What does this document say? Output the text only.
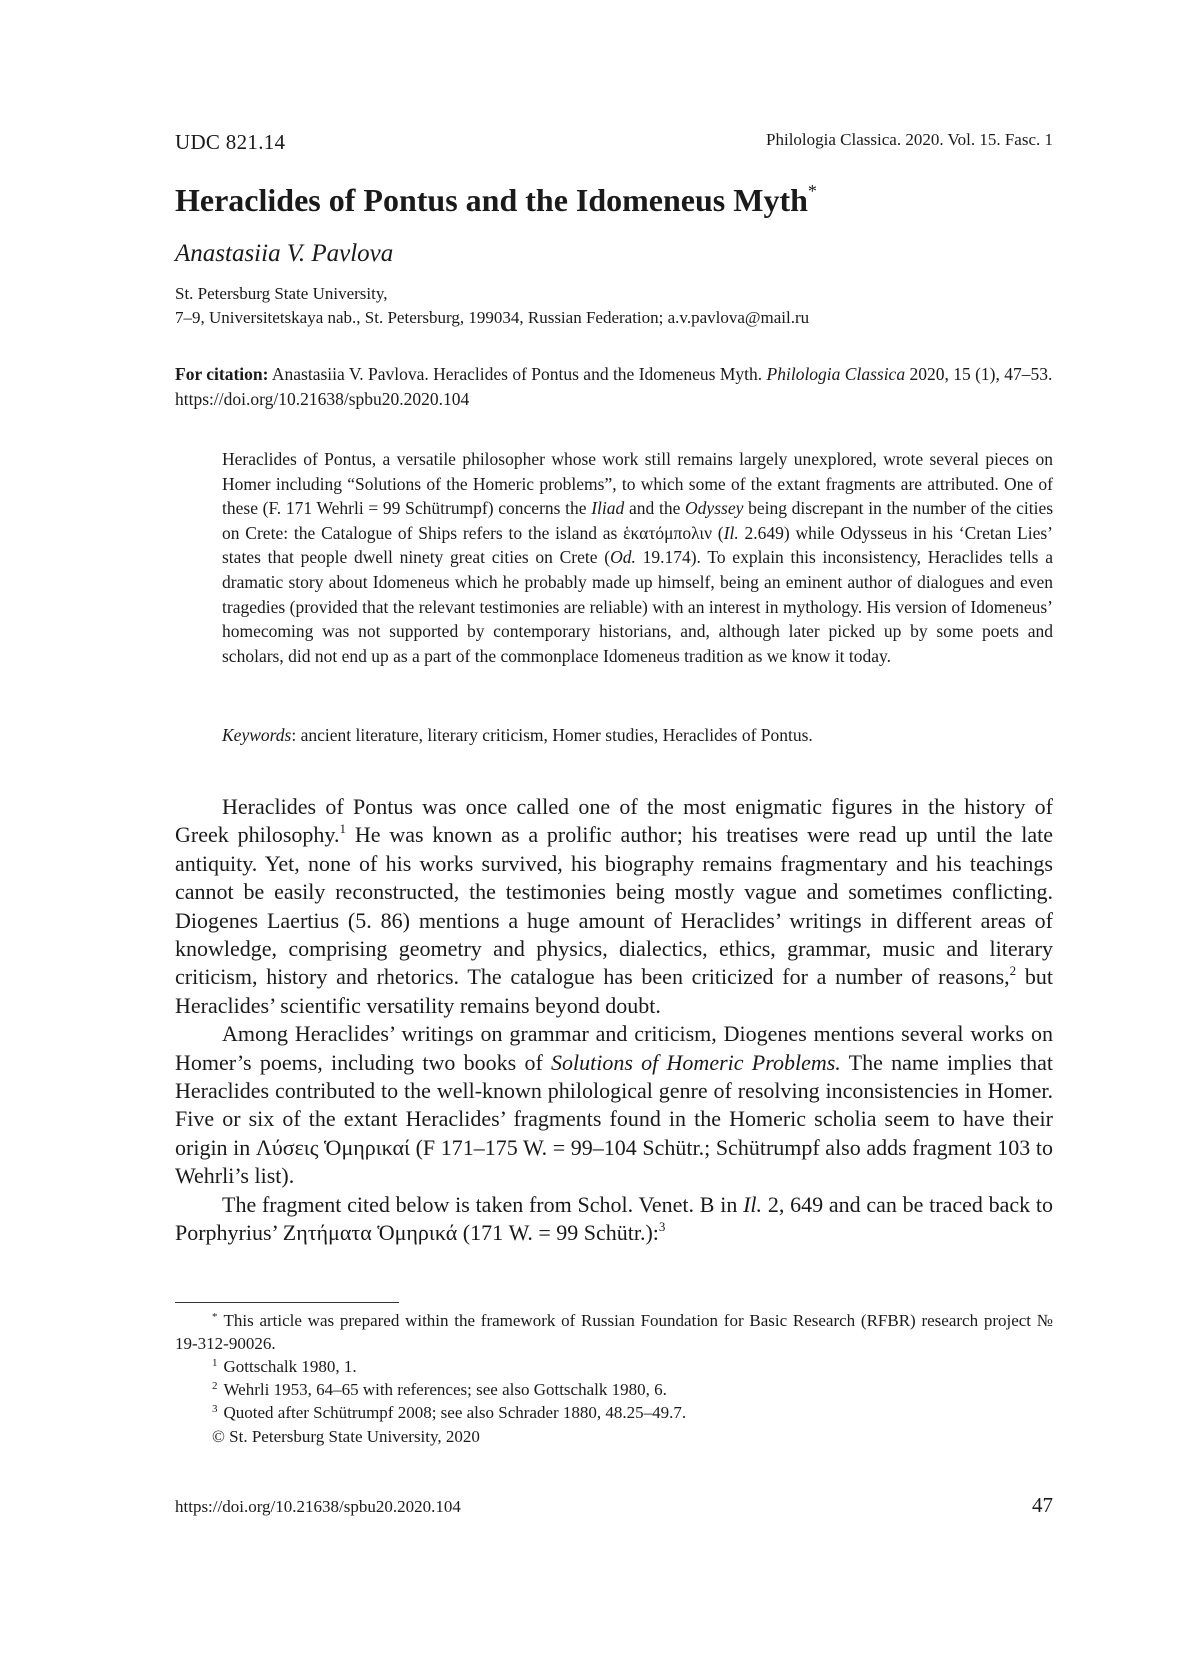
UDC 821.14	Philologia Classica. 2020. Vol. 15. Fasc. 1
Heraclides of Pontus and the Idomeneus Myth*
Anastasiia V. Pavlova
St. Petersburg State University,
7–9, Universitetskaya nab., St. Petersburg, 199034, Russian Federation; a.v.pavlova@mail.ru
For citation: Anastasiia V. Pavlova. Heraclides of Pontus and the Idomeneus Myth. Philologia Classica 2020, 15 (1), 47–53. https://doi.org/10.21638/spbu20.2020.104
Heraclides of Pontus, a versatile philosopher whose work still remains largely unexplored, wrote several pieces on Homer including “Solutions of the Homeric problems”, to which some of the extant fragments are attributed. One of these (F. 171 Wehrli = 99 Schütrumpf) concerns the Iliad and the Odyssey being discrepant in the number of the cities on Crete: the Catalogue of Ships refers to the island as ἑκατόμπολιν (Il. 2.649) while Odysseus in his ‘Cretan Lies’ states that people dwell ninety great cities on Crete (Od. 19.174). To explain this inconsistency, Heraclides tells a dramatic story about Idomeneus which he probably made up himself, being an eminent author of dialogues and even tragedies (provided that the relevant testimonies are reliable) with an interest in mythology. His version of Idomeneus’ homecoming was not supported by contemporary historians, and, although later picked up by some poets and scholars, did not end up as a part of the commonplace Idomeneus tradition as we know it today.
Keywords: ancient literature, literary criticism, Homer studies, Heraclides of Pontus.

Heraclides of Pontus was once called one of the most enigmatic figures in the history of Greek philosophy.$^1$ He was known as a prolific author; his treatises were read up until the late antiquity. Yet, none of his works survived, his biography remains fragmentary and his teachings cannot be easily reconstructed, the testimonies being mostly vague and sometimes conflicting. Diogenes Laertius (5. 86) mentions a huge amount of Heraclides’ writings in different areas of knowledge, comprising geometry and physics, dialectics, ethics, grammar, music and literary criticism, history and rhetorics. The catalogue has been criticized for a number of reasons,$^2$ but Heraclides’ scientific versatility remains beyond doubt.

Among Heraclides’ writings on grammar and criticism, Diogenes mentions several works on Homer’s poems, including two books of Solutions of Homeric Problems. The name implies that Heraclides contributed to the well-known philological genre of resolving inconsistencies in Homer. Five or six of the extant Heraclides’ fragments found in the Homeric scholia seem to have their origin in Λύσεις Ὁμηρικαί (F 171–175 W. = 99–104 Schütr.; Schütrumpf also adds fragment 103 to Wehrli’s list).

The fragment cited below is taken from Schol. Venet. B in Il. 2, 649 and can be traced back to Porphyrius’ Ζητήματα Ὁμηρικά (171 W. = 99 Schütr.):$^3$

* This article was prepared within the framework of Russian Foundation for Basic Research (RFBR) research project № 19-312-90026.

$^1$ Gottschalk 1980, 1.

$^2$ Wehrli 1953, 64–65 with references; see also Gottschalk 1980, 6.

$^3$ Quoted after Schütrumpf 2008; see also Schrader 1880, 48.25–49.7.

© St. Petersburg State University, 2020
https://doi.org/10.21638/spbu20.2020.104	47
